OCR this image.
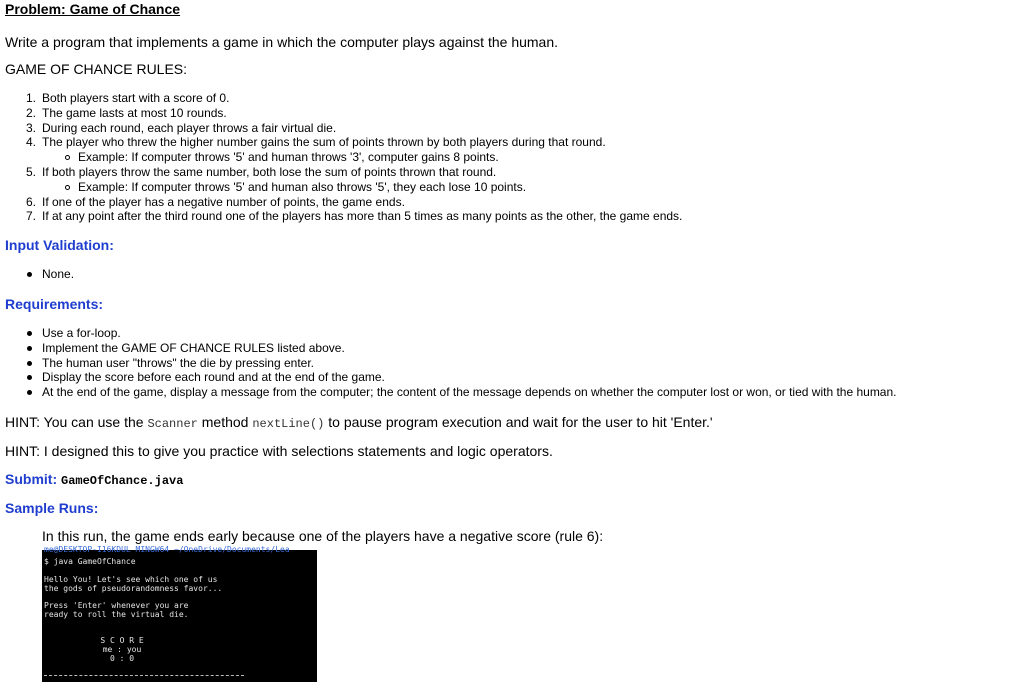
Problem: Game of Chance
Write a program that implements a game in which the computer plays against the human.
GAME OF CHANCE RULES:
1. Both players start with a score of 0.
2. The game lasts at most 10 rounds.
3. During each round, each player throws a fair virtual die.
4. The player who threw the higher number gains the sum of points thrown by both players during that round.
Example: If computer throws '5' and human throws '3', computer gains 8 points.
5. If both players throw the same number, both lose the sum of points thrown that round.
Example: If computer throws '5' and human also throws '5', they each lose 10 points.
6. If one of the player has a negative number of points, the game ends.
7. If at any point after the third round one of the players has more than 5 times as many points as the other, the game ends.
Input Validation:
None.
Requirements:
Use a for-loop.
Implement the GAME OF CHANCE RULES listed above.
The human user "throws" the die by pressing enter.
Display the score before each round and at the end of the game.
At the end of the game, display a message from the computer; the content of the message depends on whether the computer lost or won, or tied with the human.
HINT: You can use the Scanner method nextLine() to pause program execution and wait for the user to hit 'Enter.'
HINT: I designed this to give you practice with selections statements and logic operators.
Submit: GameOfChance.java
Sample Runs:
In this run, the game ends early because one of the players have a negative score (rule 6):
me@DESKTOP-I16KDUL MINGW64 ~/OneDrive/Documents/Lea
$ java GameOfChance
Hello You! Let's see which one of us
the gods of pseudorandomness favor...
Press 'Enter' whenever you are
ready to roll the virtual die.
S C O R E
me : you
0 : 0
